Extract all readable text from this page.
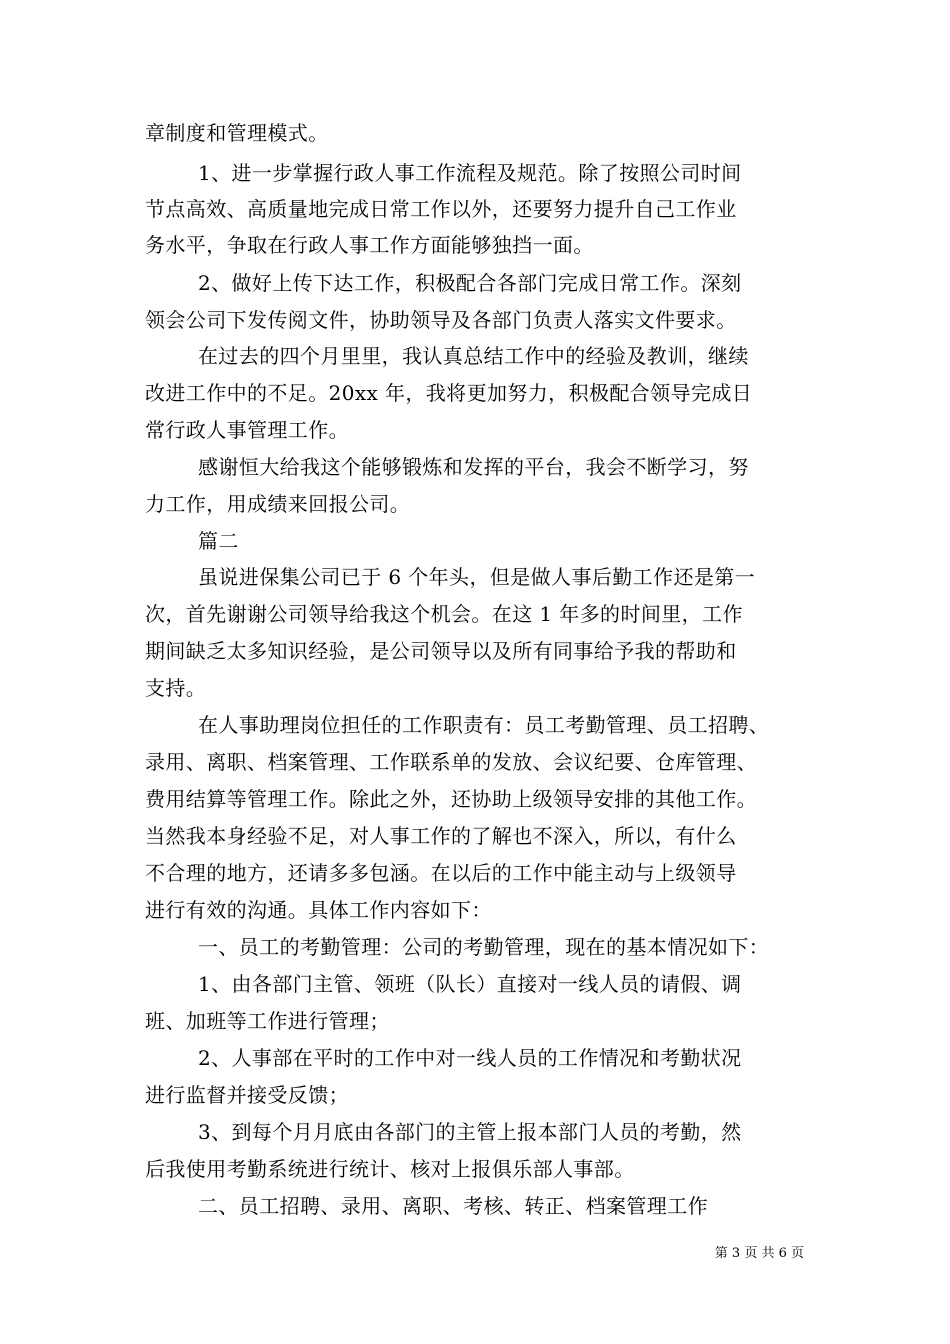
章制度和管理模式。
1、进一步掌握行政人事工作流程及规范。除了按照公司时间
节点高效、高质量地完成日常工作以外，还要努力提升自己工作业
务水平，争取在行政人事工作方面能够独挡一面。
2、做好上传下达工作，积极配合各部门完成日常工作。深刻
领会公司下发传阅文件，协助领导及各部门负责人落实文件要求。
在过去的四个月里里，我认真总结工作中的经验及教训，继续
改进工作中的不足。20xx 年，我将更加努力，积极配合领导完成日
常行政人事管理工作。
感谢恒大给我这个能够锻炼和发挥的平台，我会不断学习，努
力工作，用成绩来回报公司。
篇二
虽说进保集公司已于 6 个年头，但是做人事后勤工作还是第一
次，首先谢谢公司领导给我这个机会。在这 1 年多的时间里，工作
期间缺乏太多知识经验，是公司领导以及所有同事给予我的帮助和
支持。
在人事助理岗位担任的工作职责有：员工考勤管理、员工招聘、
录用、离职、档案管理、工作联系单的发放、会议纪要、仓库管理、
费用结算等管理工作。除此之外，还协助上级领导安排的其他工作。
当然我本身经验不足，对人事工作的了解也不深入，所以，有什么
不合理的地方，还请多多包涵。在以后的工作中能主动与上级领导
进行有效的沟通。具体工作内容如下：
一、员工的考勤管理：公司的考勤管理，现在的基本情况如下：
1、由各部门主管、领班（队长）直接对一线人员的请假、调
班、加班等工作进行管理；
2、人事部在平时的工作中对一线人员的工作情况和考勤状况
进行监督并接受反馈；
3、到每个月月底由各部门的主管上报本部门人员的考勤，然
后我使用考勤系统进行统计、核对上报俱乐部人事部。
二、员工招聘、录用、离职、考核、转正、档案管理工作
第 3 页 共 6 页
